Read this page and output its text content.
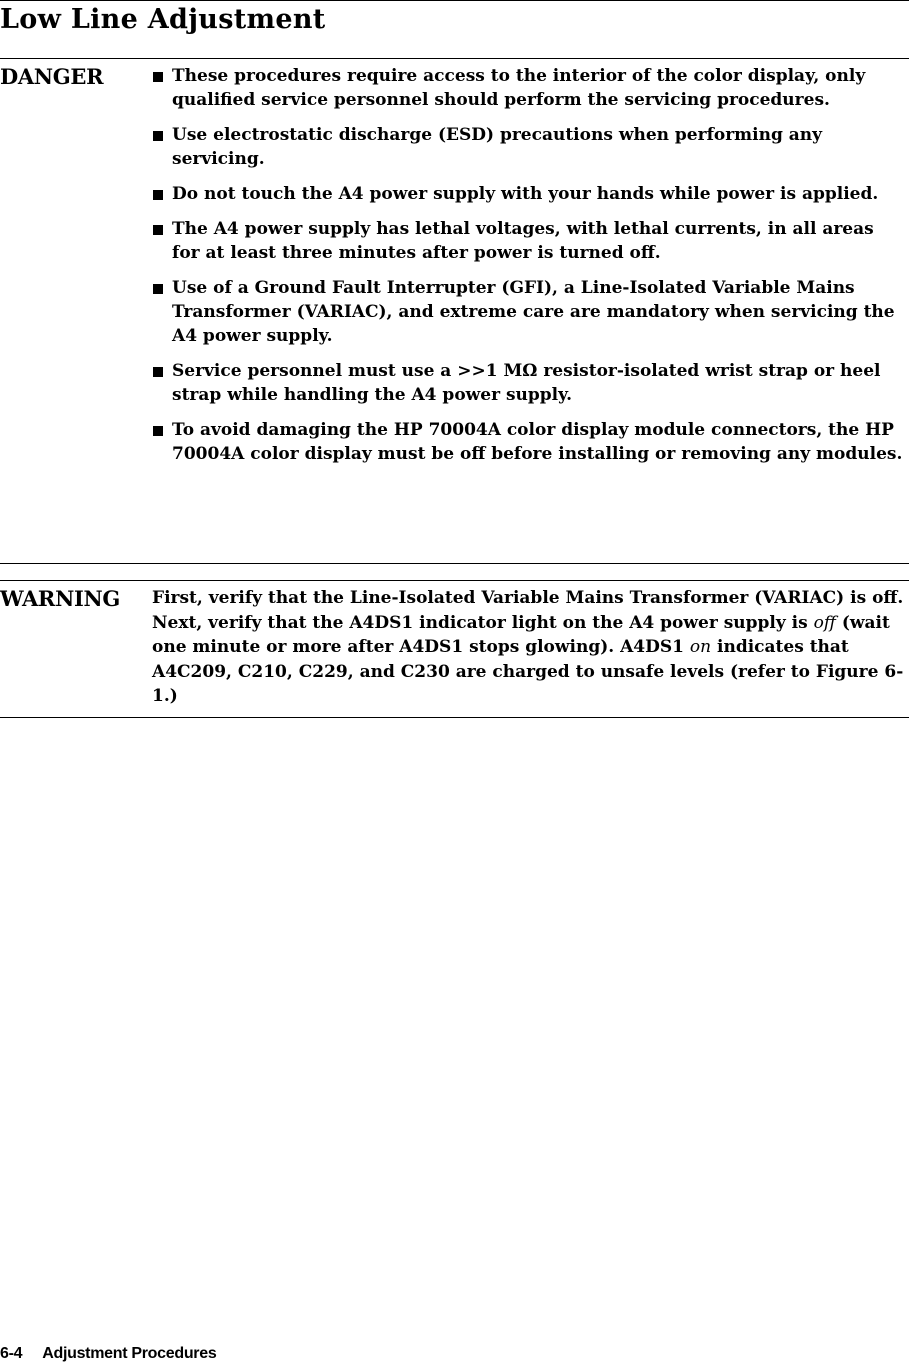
Low Line Adjustment
DANGER	These procedures require access to the interior of the color display, only qualified service personnel should perform the servicing procedures.
Use electrostatic discharge (ESD) precautions when performing any servicing.
Do not touch the A4 power supply with your hands while power is applied.
The A4 power supply has lethal voltages, with lethal currents, in all areas for at least three minutes after power is turned off.
Use of a Ground Fault Interrupter (GFI), a Line-Isolated Variable Mains Transformer (VARIAC), and extreme care are mandatory when servicing the A4 power supply.
Service personnel must use a >>1 MΩ resistor-isolated wrist strap or heel strap while handling the A4 power supply.
To avoid damaging the HP 70004A color display module connectors, the HP 70004A color display must be off before installing or removing any modules.
WARNING First, verify that the Line-Isolated Variable Mains Transformer (VARIAC) is off. Next, verify that the A4DS1 indicator light on the A4 power supply is off (wait one minute or more after A4DS1 stops glowing). A4DS1 on indicates that A4C209, C210, C229, and C230 are charged to unsafe levels (refer to Figure 6-1.)

6-4 Adjustment Procedures
